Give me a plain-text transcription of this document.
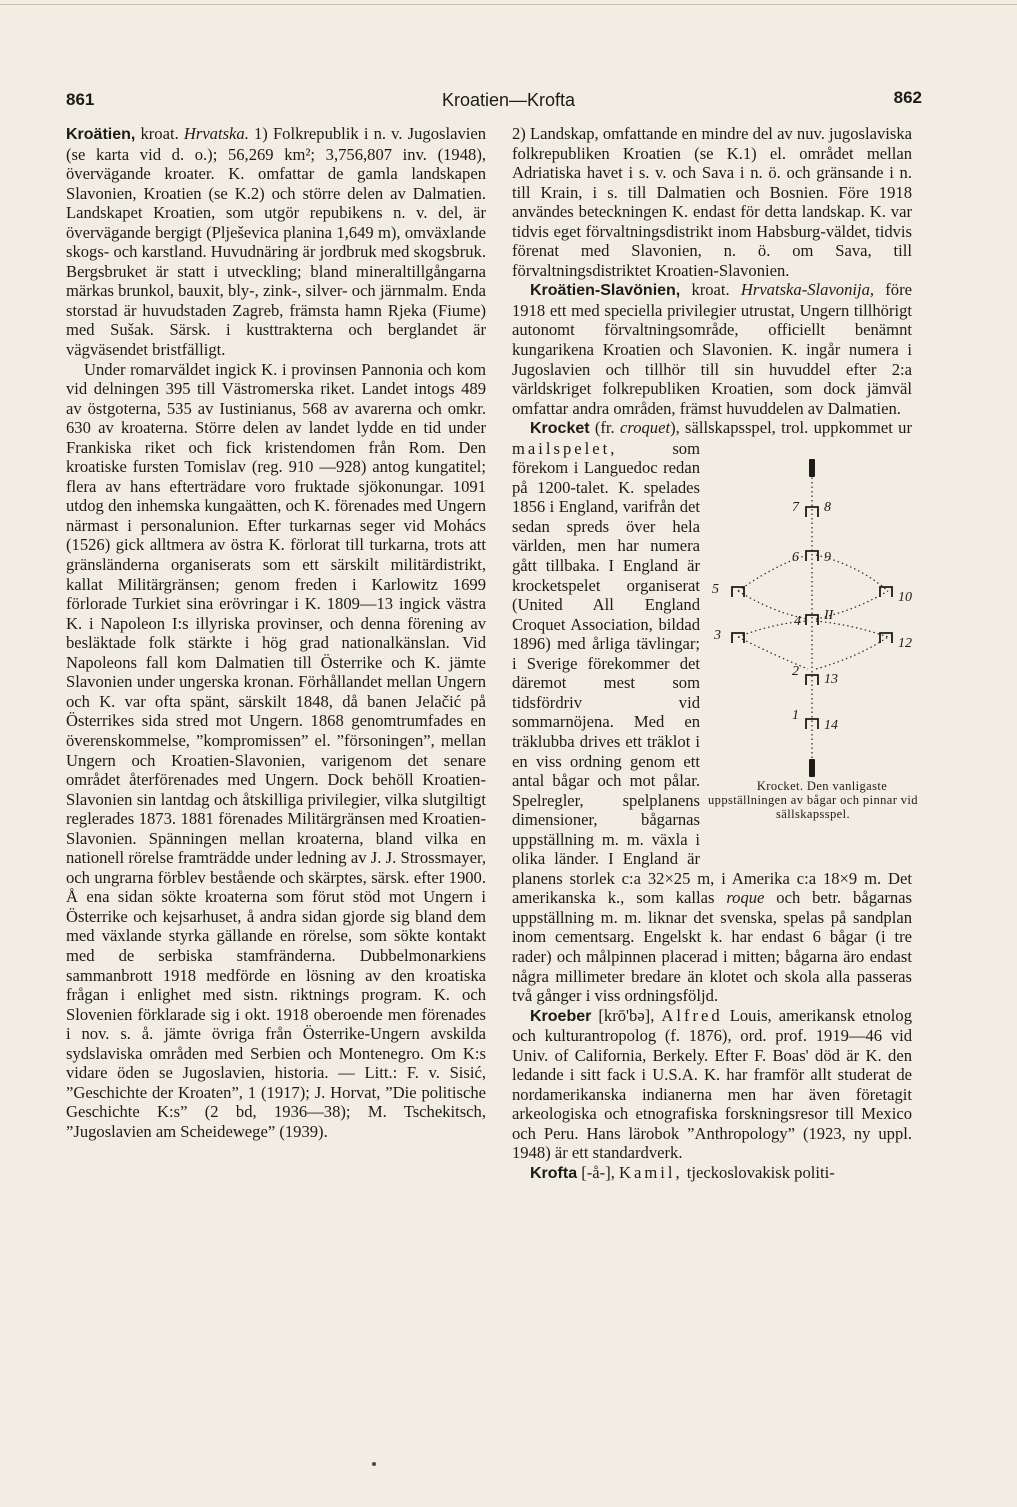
861	Kroatien—Krofta	862

Kroätien, kroat. Hrvatska. 1) Folkrepublik i n. v. Jugoslavien (se karta vid d. o.); 56,269 km²; 3,756,807 inv. (1948), övervägande kroater. K. omfattar de gamla landskapen Slavonien, Kroatien (se K.2) och större delen av Dalmatien. Landskapet Kroatien, som utgör repubikens n. v. del, är övervägande bergigt (Plješevica planina 1,649 m), omväxlande skogs- och karstland. Huvudnäring är jordbruk med skogsbruk. Bergsbruket är statt i utveckling; bland mineraltillgångarna märkas brunkol, bauxit, bly-, zink-, silver- och järnmalm. Enda storstad är huvudstaden Zagreb, främsta hamn Rjeka (Fiume) med Sušak. Särsk. i kusttrakterna och berglandet är vägväsendet bristfälligt.

Under romarväldet ingick K. i provinsen Pannonia och kom vid delningen 395 till Västromerska riket. Landet intogs 489 av östgoterna, 535 av Iustinianus, 568 av avarerna och omkr. 630 av kroaterna. Större delen av landet lydde en tid under Frankiska riket och fick kristendomen från Rom. Den kroatiske fursten Tomislav (reg. 910 —928) antog kungatitel; flera av hans efterträdare voro fruktade sjökonungar. 1091 utdog den inhemska kungaätten, och K. förenades med Ungern närmast i personalunion. Efter turkarnas seger vid Mohács (1526) gick alltmera av östra K. förlorat till turkarna, trots att gränsländerna organiserats som ett särskilt militärdistrikt, kallat Militärgränsen; genom freden i Karlowitz 1699 förlorade Turkiet sina erövringar i K. 1809—13 ingick västra K. i Napoleon I:s illyriska provinser, och denna förening av besläktade folk stärkte i hög grad nationalkänslan. Vid Napoleons fall kom Dalmatien till Österrike och K. jämte Slavonien under ungerska kronan. Förhållandet mellan Ungern och K. var ofta spänt, särskilt 1848, då banen Jelačić på Österrikes sida stred mot Ungern. 1868 genomtrumfades en överenskommelse, ”kompromissen” el. ”försoningen”, mellan Ungern och Kroatien-Slavonien, varigenom det senare området återförenades med Ungern. Dock behöll Kroatien-Slavonien sin lantdag och åtskilliga privilegier, vilka slutgiltigt reglerades 1873. 1881 förenades Militärgränsen med Kroatien-Slavonien. Spänningen mellan kroaterna, bland vilka en nationell rörelse framträdde under ledning av J. J. Strossmayer, och ungrarna förblev bestående och skärptes, särsk. efter 1900. Å ena sidan sökte kroaterna som förut stöd mot Ungern i Österrike och kejsarhuset, å andra sidan gjorde sig bland dem med växlande styrka gällande en rörelse, som sökte kontakt med de serbiska stamfränderna. Dubbelmonarkiens sammanbrott 1918 medförde en lösning av den kroatiska frågan i enlighet med sistn. riktnings program. K. och Slovenien förklarade sig i okt. 1918 oberoende men förenades i nov. s. å. jämte övriga från Österrike-Ungern avskilda sydslaviska områden med Serbien och Montenegro. Om K:s vidare öden se Jugoslavien, historia. — Litt.: F. v. Sisić, ”Geschichte der Kroaten”, 1 (1917); J. Horvat, ”Die politische Geschichte K:s” (2 bd, 1936—38); M. Tschekitsch, ”Jugoslavien am Scheidewege” (1939).

2) Landskap, omfattande en mindre del av nuv. jugoslaviska folkrepubliken Kroatien (se K.1) el. området mellan Adriatiska havet i s. v. och Sava i n. ö. och gränsande i n. till Krain, i s. till Dalmatien och Bosnien. Före 1918 användes beteckningen K. endast för detta landskap. K. var tidvis eget förvaltningsdistrikt inom Habsburg-väldet, tidvis förenat med Slavonien, n. ö. om Sava, till förvaltningsdistriktet Kroatien-Slavonien.

Kroätien-Slavönien, kroat. Hrvatska-Slavonija, före 1918 ett med speciella privilegier utrustat, Ungern tillhörigt autonomt förvaltningsområde, officiellt benämnt kungarikena Kroatien och Slavonien. K. ingår numera i Jugoslavien och tillhör till sin huvuddel efter 2:a världskriget folkrepubliken Kroatien, som dock jämväl omfattar andra områden, främst huvuddelen av Dalmatien.

Krocket (fr. croquet), sällskapsspel, trol. uppkommet ur mailspelet,
1
2
3
4
5
6
7 8
9
10
II
12
13
14
Krocket. Den vanligaste uppställningen av bågar och pinnar vid sällskapsspel.
som förekom i Languedoc redan på 1200-talet. K. spelades 1856 i England, varifrån det sedan spreds över hela världen, men har numera gått tillbaka. I England är krocketspelet organiserat (United All England Croquet Association, bildad 1896) med årliga tävlingar; i Sverige förekommer det däremot mest som tidsfördriv vid sommarnöjena. Med en träklubba drives ett träklot i en viss ordning genom ett antal bågar och mot pålar. Spelregler, spelplanens dimensioner, bågarnas uppställning m. m. växla i olika länder. I England är planens storlek c:a 32×25 m, i Amerika c:a 18×9 m. Det amerikanska k., som kallas roque och betr. bågarnas uppställning m. m. liknar det svenska, spelas på sandplan inom cementsarg. Engelskt k. har endast 6 bågar (i tre rader) och målpinnen placerad i mitten; bågarna äro endast några millimeter bredare än klotet och skola alla passeras två gånger i viss ordningsföljd.

Kroeber [krō'bə], Alfred Louis, amerikansk etnolog och kulturantropolog (f. 1876), ord. prof. 1919—46 vid Univ. of California, Berkely. Efter F. Boas' död är K. den ledande i sitt fack i U.S.A. K. har framför allt studerat de nordamerikanska indianerna men har även företagit arkeologiska och etnografiska forskningsresor till Mexico och Peru. Hans lärobok ”Anthropology” (1923, ny uppl. 1948) är ett standardverk.

Krofta [-å-], Kamil, tjeckoslovakisk politi-
